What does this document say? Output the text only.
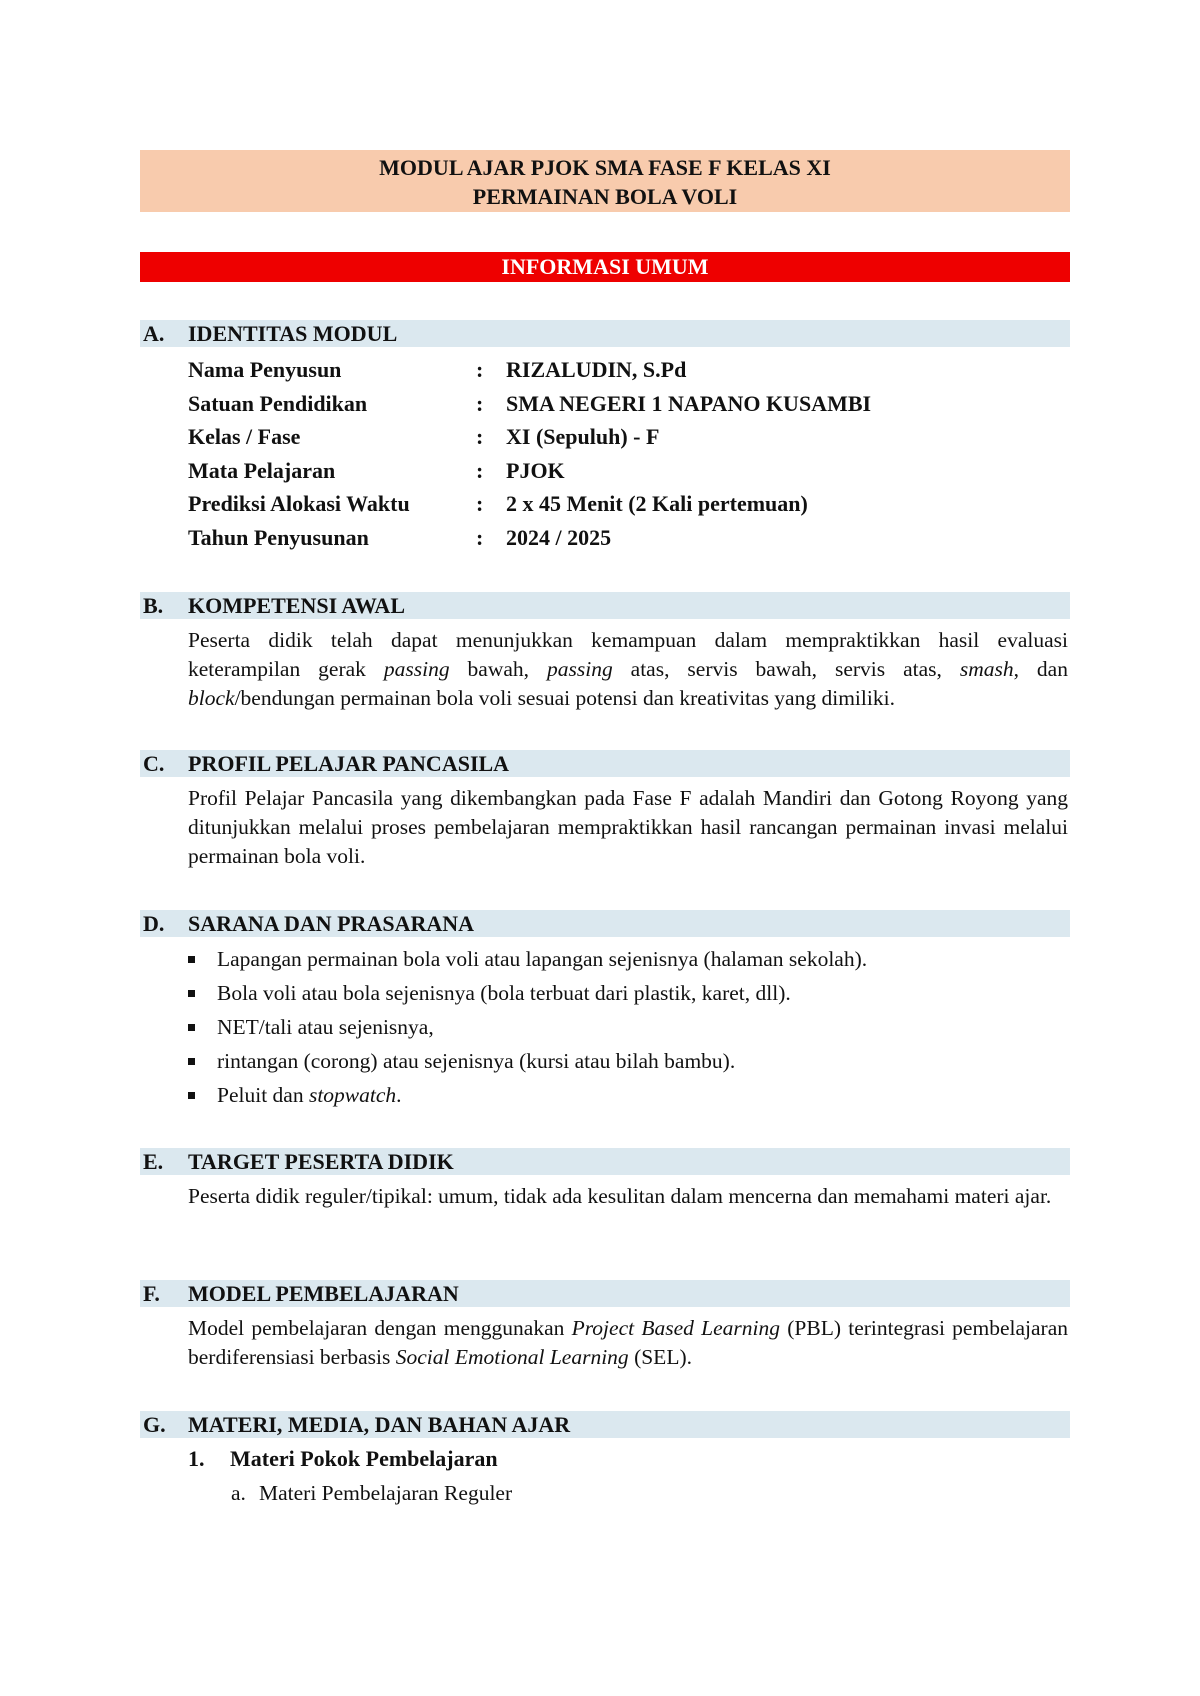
MODUL AJAR PJOK SMA FASE F KELAS XI
PERMAINAN BOLA VOLI
INFORMASI UMUM
A. IDENTITAS MODUL
Nama Penyusun	: RIZALUDIN, S.Pd
Satuan Pendidikan	: SMA NEGERI 1 NAPANO KUSAMBI
Kelas / Fase	: XI (Sepuluh) - F
Mata Pelajaran	: PJOK
Prediksi Alokasi Waktu	: 2 x 45 Menit (2 Kali pertemuan)
Tahun Penyusunan	: 2024 / 2025
B. KOMPETENSI AWAL

Peserta didik telah dapat menunjukkan kemampuan dalam mempraktikkan hasil evaluasi keterampilan gerak passing bawah, passing atas, servis bawah, servis atas, smash, dan block/bendungan permainan bola voli sesuai potensi dan kreativitas yang dimiliki.

C. PROFIL PELAJAR PANCASILA

Profil Pelajar Pancasila yang dikembangkan pada Fase F adalah Mandiri dan Gotong Royong yang ditunjukkan melalui proses pembelajaran mempraktikkan hasil rancangan permainan invasi melalui permainan bola voli.

D. SARANA DAN PRASARANA
Lapangan permainan bola voli atau lapangan sejenisnya (halaman sekolah).
Bola voli atau bola sejenisnya (bola terbuat dari plastik, karet, dll).
NET/tali atau sejenisnya,
rintangan (corong) atau sejenisnya (kursi atau bilah bambu).
Peluit dan stopwatch.
E. TARGET PESERTA DIDIK

Peserta didik reguler/tipikal: umum, tidak ada kesulitan dalam mencerna dan memahami materi ajar.

F. MODEL PEMBELAJARAN

Model pembelajaran dengan menggunakan Project Based Learning (PBL) terintegrasi pembelajaran berdiferensiasi berbasis Social Emotional Learning (SEL).

G. MATERI, MEDIA, DAN BAHAN AJAR
1. Materi Pokok Pembelajaran
a. Materi Pembelajaran Reguler
